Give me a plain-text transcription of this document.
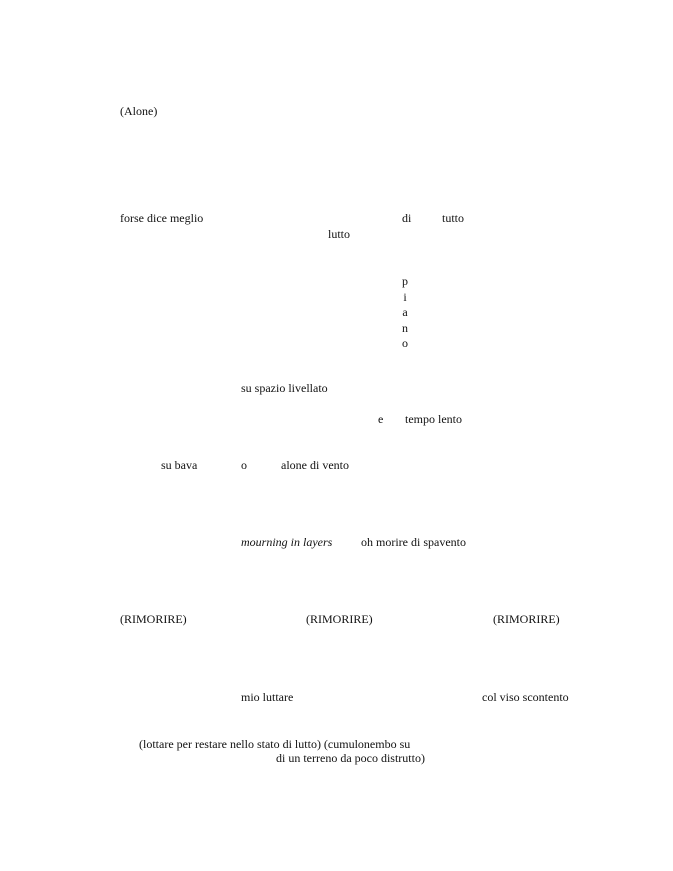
(Alone)
forse dice meglio	di	tutto
lutto
p
i
a
n
o
su spazio livellato
e tempo lento
su bava	o	alone di vento
mourning in layers oh morire di spavento
(RIMORIRE)	(RIMORIRE)	(RIMORIRE)
mio luttare	col viso scontento
(lottare per restare nello stato di lutto) (cumulonembo su
di un terreno da poco distrutto)
